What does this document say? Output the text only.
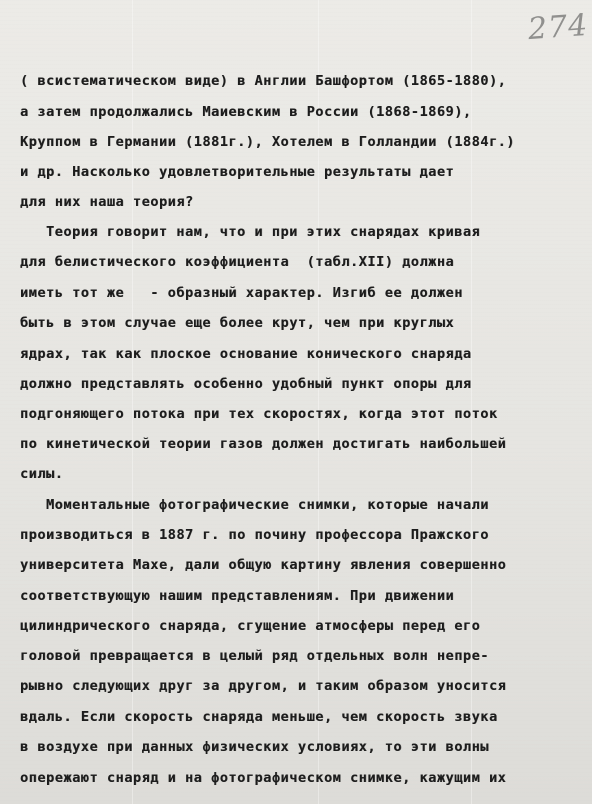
274
( всистематическом виде) в Англии Башфортом (1865-1880),
а затем продолжались Маиевским в России (1868-1869),
Круппом в Германии (1881г.), Хотелем в Голландии (1884г.)
и др. Насколько удовлетворительные результаты дает
для них наша теория?
Теория говорит нам, что и при этих снарядах кривая
для белистического коэффициента  (табл.XII) должна
иметь тот же   - образный характер. Изгиб ее должен
быть в этом случае еще более крут, чем при круглых
ядрах, так как плоское основание конического снаряда
должно представлять особенно удобный пункт опоры для
подгоняющего потока при тех скоростях, когда этот поток
по кинетической теории газов должен достигать наибольшей
силы.
Моментальные фотографические снимки, которые начали
производиться в 1887 г. по почину профессора Пражского
университета Махе, дали общую картину явления совершенно
соответствующую нашим представлениям. При движении
цилиндрического снаряда, сгущение атмосферы перед его
головой превращается в целый ряд отдельных волн непре-
рывно следующих друг за другом, и таким образом уносится
вдаль. Если скорость снаряда меньше, чем скорость звука
в воздухе при данных физических условиях, то эти волны
опережают снаряд и на фотографическом снимке, кажущим их
